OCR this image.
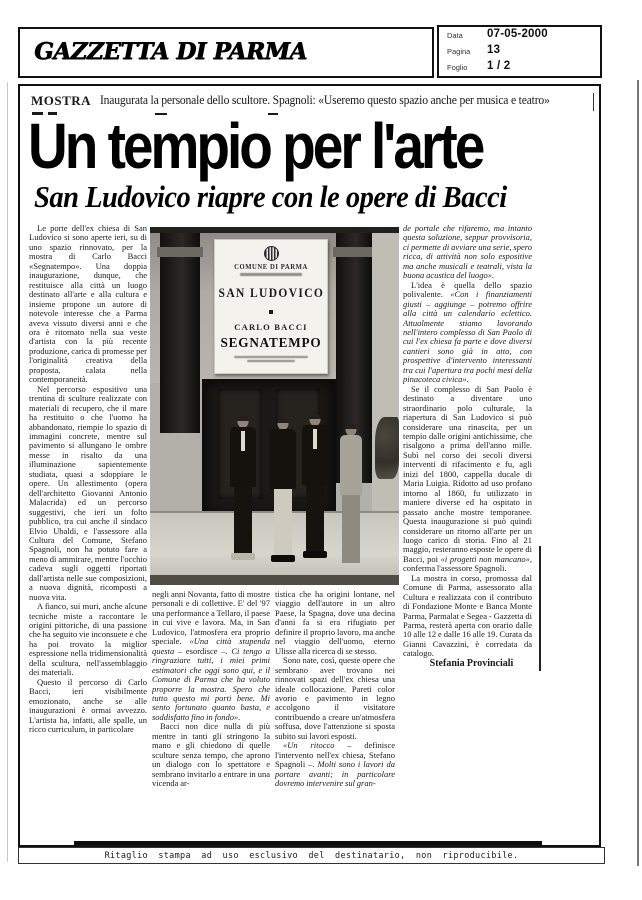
GAZZETTA DI PARMA
Data 07-05-2000
Pagina 13
Foglio 1 / 2
MOSTRA Inaugurata la personale dello scultore. Spagnoli: «Useremo questo spazio anche per musica e teatro»
Un tempio per l'arte
San Ludovico riapre con le opere di Bacci

Le porte dell'ex chiesa di San Ludovico si sono aperte ieri, su di uno spazio rinnovato, per la mostra di Carlo Bacci «Segnatempo». Una doppia inaugurazione, dunque, che restituisce alla città un luogo destinato all'arte e alla cultura e insieme propone un autore di notevole interesse che a Parma aveva vissuto diversi anni e che ora è ritornato nella sua veste d'artista con la più recente produzione, carica di promesse per l'originalità creativa della proposta, calata nella contemporaneità.

Nel percorso espositivo una trentina di sculture realizzate con materiali di recupero, che il mare ha restituito o che l'uomo ha abbandonato, riempie lo spazio di immagini concrete, mentre sul pavimento si allungano le ombre messe in risalto da una illuminazione sapientemente studiata, quasi a sdoppiare le opere. Un allestimento (opera dell'architetto Giovanni Antonio Malacrida) ed un percorso suggestivi, che ieri un folto pubblico, tra cui anche il sindaco Elvio Ubaldi, e l'assessore alla Cultura del Comune, Stefano Spagnoli, non ha potuto fare a meno di ammirare, mentre l'occhio cadeva sugli oggetti riportati dall'artista nelle sue composizioni, a nuova dignità, ricomposti a nuova vita.

A fianco, sui muri, anche alcune tecniche miste a raccontare le origini pittoriche, di una passione che ha seguito vie inconsuete e che ha poi trovato la miglior espressione nella tridimensionalità della scultura, nell'assemblaggio dei materiali.

Questo il percorso di Carlo Bacci, ieri visibilmente emozionato, anche se alle inaugurazioni è ormai avvezzo. L'artista ha, infatti, alle spalle, un ricco curriculum, in particolare

COMUNE DI PARMA
SAN LUDOVICO
CARLO BACCI
SEGNATEMPO

negli anni Novanta, fatto di mostre personali e di collettive. E' del '97 una performance a Tellaro, il paese in cui vive e lavora. Ma, in San Ludovico, l'atmosfera era proprio speciale. «Una città stupenda questa – esordisce –. Ci tengo a ringraziare tutti, i miei primi estimatori che oggi sono qui, e il Comune di Parma che ha voluto proporre la mostra. Spero che tutto questo mi porti bene. Mi sento fortunato quanto basta, e soddisfatto fino in fondo».

Bacci non dice nulla di più mentre in tanti gli stringono la mano e gli chiedono di quelle sculture senza tempo, che aprono un dialogo con lo spettatore e sembrano invitarlo a entrare in una vicenda ar-

tistica che ha origini lontane, nel viaggio dell'autore in un altro Paese, la Spagna, dove una decina d'anni fa si era rifugiato per definire il proprio lavoro, ma anche nel viaggio dell'uomo, eterno Ulisse alla ricerca di se stesso.

Sono nate, così, queste opere che sembrano aver trovano nei rinnovati spazi dell'ex chiesa una ideale collocazione. Pareti color avorio e pavimento in legno accolgono il visitatore contribuendo a creare un'atmosfera soffusa, dove l'attenzione si sposta subito sui lavori esposti.

«Un ritocco – definisce l'intervento nell'ex chiesa, Stefano Spagnoli –. Molti sono i lavori da portare avanti; in particolare dovremo intervenire sul gran-

de portale che rifaremo, ma intanto questa soluzione, seppur provvisoria, ci permette di avviare una serie, spero ricca, di attività non solo espositive ma anche musicali e teatrali, vista la buona acustica del luogo».

L'idea è quella dello spazio polivalente. «Con i finanziamenti giusti – aggiunge – potremo offrire alla città un calendario eclettico. Attualmente stiamo lavorando nell'intero complesso di San Paolo di cui l'ex chiesa fa parte e dove diversi cantieri sono già in atto, con prospettive d'intervento interessanti tra cui l'apertura tra pochi mesi della pinacoteca civica».

Se il complesso di San Paolo è destinato a diventare uno straordinario polo culturale, la riapertura di San Ludovico si può considerare una rinascita, per un tempio dalle origini antichissime, che risalgono a prima dell'anno mille. Subì nel corso dei secoli diversi interventi di rifacimento e fu, agli inizi del 1800, cappella ducale di Maria Luigia. Ridotto ad uso profano intorno al 1860, fu utilizzato in maniere diverse ed ha ospitato in passato anche mostre temporanee. Questa inaugurazione si può quindi considerare un ritorno all'arte per un luogo carico di storia. Fino al 21 maggio, resteranno esposte le opere di Bacci, poi «i progetti non mancano», conferma l'assessore Spagnoli.

La mostra in corso, promossa dal Comune di Parma, assessorato alla Cultura e realizzata con il contributo di Fondazione Monte e Banca Monte Parma, Parmalat e Segea - Gazzetta di Parma, resterà aperta con orario dalle 10 alle 12 e dalle 16 alle 19. Curata da Gianni Cavazzini, è corredata da catalogo.

Stefania Provinciali

Ritaglio stampa ad uso esclusivo del destinatario, non riproducibile.
